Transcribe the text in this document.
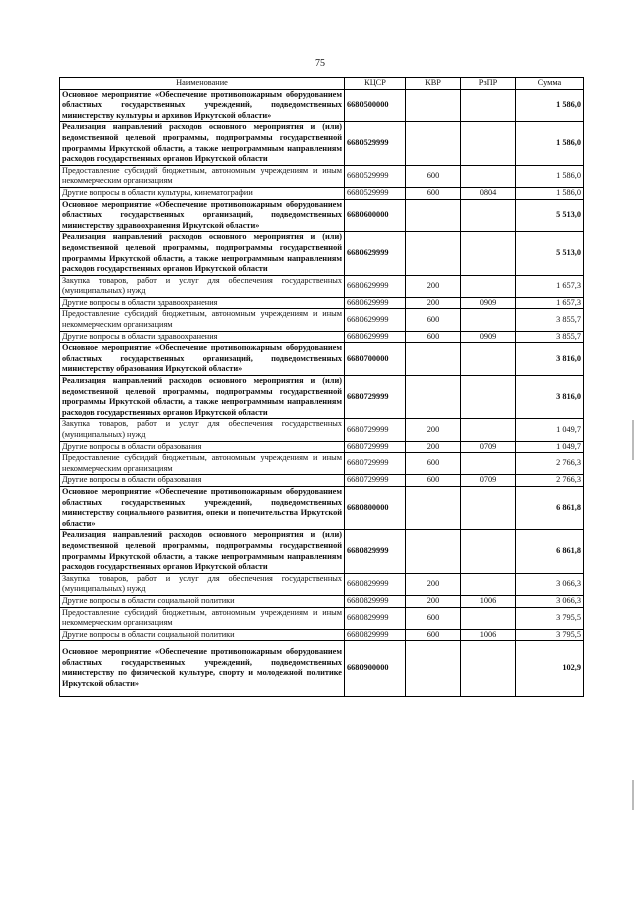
75
Наименование	КЦСР	КВР	РзПР	Сумма
Основное мероприятие «Обеспечение противопожарным оборудованием областных государственных учреждений, подведомственных министерству культуры и архивов Иркутской области»	6680500000			1 586,0
Реализация направлений расходов основного мероприятия и (или) ведомственной целевой программы, подпрограммы государственной программы Иркутской области, а также непрограммным направлениям расходов государственных органов Иркутской области	6680529999			1 586,0
Предоставление субсидий бюджетным, автономным учреждениям и иным некоммерческим организациям	6680529999	600		1 586,0
Другие вопросы в области культуры, кинематографии	6680529999	600	0804	1 586,0
Основное мероприятие «Обеспечение противопожарным оборудованием областных государственных организаций, подведомственных министерству здравоохранения Иркутской области»	6680600000			5 513,0
Реализация направлений расходов основного мероприятия и (или) ведомственной целевой программы, подпрограммы государственной программы Иркутской области, а также непрограммным направлениям расходов государственных органов Иркутской области	6680629999			5 513,0
Закупка товаров, работ и услуг для обеспечения государственных (муниципальных) нужд	6680629999	200		1 657,3
Другие вопросы в области здравоохранения	6680629999	200	0909	1 657,3
Предоставление субсидий бюджетным, автономным учреждениям и иным некоммерческим организациям	6680629999	600		3 855,7
Другие вопросы в области здравоохранения	6680629999	600	0909	3 855,7
Основное мероприятие «Обеспечение противопожарным оборудованием областных государственных организаций, подведомственных министерству образования Иркутской области»	6680700000			3 816,0
Реализация направлений расходов основного мероприятия и (или) ведомственной целевой программы, подпрограммы государственной программы Иркутской области, а также непрограммным направлениям расходов государственных органов Иркутской области	6680729999			3 816,0
Закупка товаров, работ и услуг для обеспечения государственных (муниципальных) нужд	6680729999	200		1 049,7
Другие вопросы в области образования	6680729999	200	0709	1 049,7
Предоставление субсидий бюджетным, автономным учреждениям и иным некоммерческим организациям	6680729999	600		2 766,3
Другие вопросы в области образования	6680729999	600	0709	2 766,3
Основное мероприятие «Обеспечение противопожарным оборудованием областных государственных учреждений, подведомственных министерству социального развития, опеки и попечительства Иркутской области»	6680800000			6 861,8
Реализация направлений расходов основного мероприятия и (или) ведомственной целевой программы, подпрограммы государственной программы Иркутской области, а также непрограммным направлениям расходов государственных органов Иркутской области	6680829999			6 861,8
Закупка товаров, работ и услуг для обеспечения государственных (муниципальных) нужд	6680829999	200		3 066,3
Другие вопросы в области социальной политики	6680829999	200	1006	3 066,3
Предоставление субсидий бюджетным, автономным учреждениям и иным некоммерческим организациям	6680829999	600		3 795,5
Другие вопросы в области социальной политики	6680829999	600	1006	3 795,5
Основное мероприятие «Обеспечение противопожарным оборудованием областных государственных учреждений, подведомственных министерству по физической культуре, спорту и молодежной политике Иркутской области»	6680900000			102,9
